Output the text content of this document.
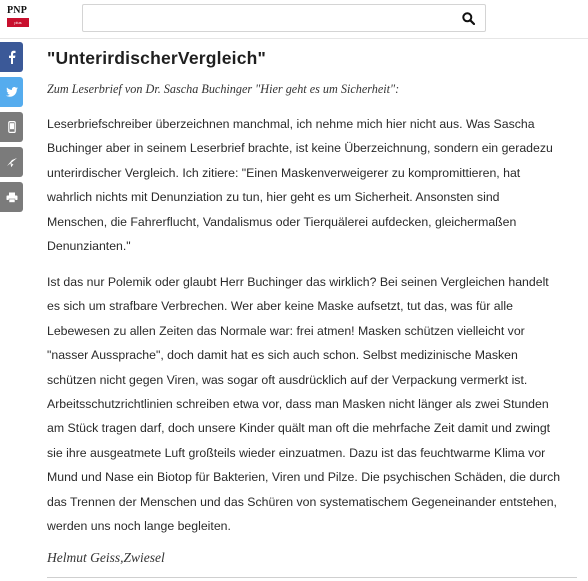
PNP
plus
"UnterirdischerVergleich"
Zum Leserbrief von Dr. Sascha Buchinger "Hier geht es um Sicherheit":

Leserbriefschreiber überzeichnen manchmal, ich nehme mich hier nicht aus. Was Sascha Buchinger aber in seinem Leserbrief brachte, ist keine Überzeichnung, sondern ein geradezu unterirdischer Vergleich. Ich zitiere: "Einen Maskenverweigerer zu kompromittieren, hat wahrlich nichts mit Denunziation zu tun, hier geht es um Sicherheit. Ansonsten sind Menschen, die Fahrerflucht, Vandalismus oder Tierquälerei aufdecken, gleichermaßen Denunzianten."

Ist das nur Polemik oder glaubt Herr Buchinger das wirklich? Bei seinen Vergleichen handelt es sich um strafbare Verbrechen. Wer aber keine Maske aufsetzt, tut das, was für alle Lebewesen zu allen Zeiten das Normale war: frei atmen! Masken schützen vielleicht vor "nasser Aussprache", doch damit hat es sich auch schon. Selbst medizinische Masken schützen nicht gegen Viren, was sogar oft ausdrücklich auf der Verpackung vermerkt ist. Arbeitsschutzrichtlinien schreiben etwa vor, dass man Masken nicht länger als zwei Stunden am Stück tragen darf, doch unsere Kinder quält man oft die mehrfache Zeit damit und zwingt sie ihre ausgeatmete Luft großteils wieder einzuatmen. Dazu ist das feuchtwarme Klima vor Mund und Nase ein Biotop für Bakterien, Viren und Pilze. Die psychischen Schäden, die durch das Trennen der Menschen und das Schüren von systematischem Gegeneinander entstehen, werden uns noch lange begleiten.

Helmut Geiss,Zwiesel
